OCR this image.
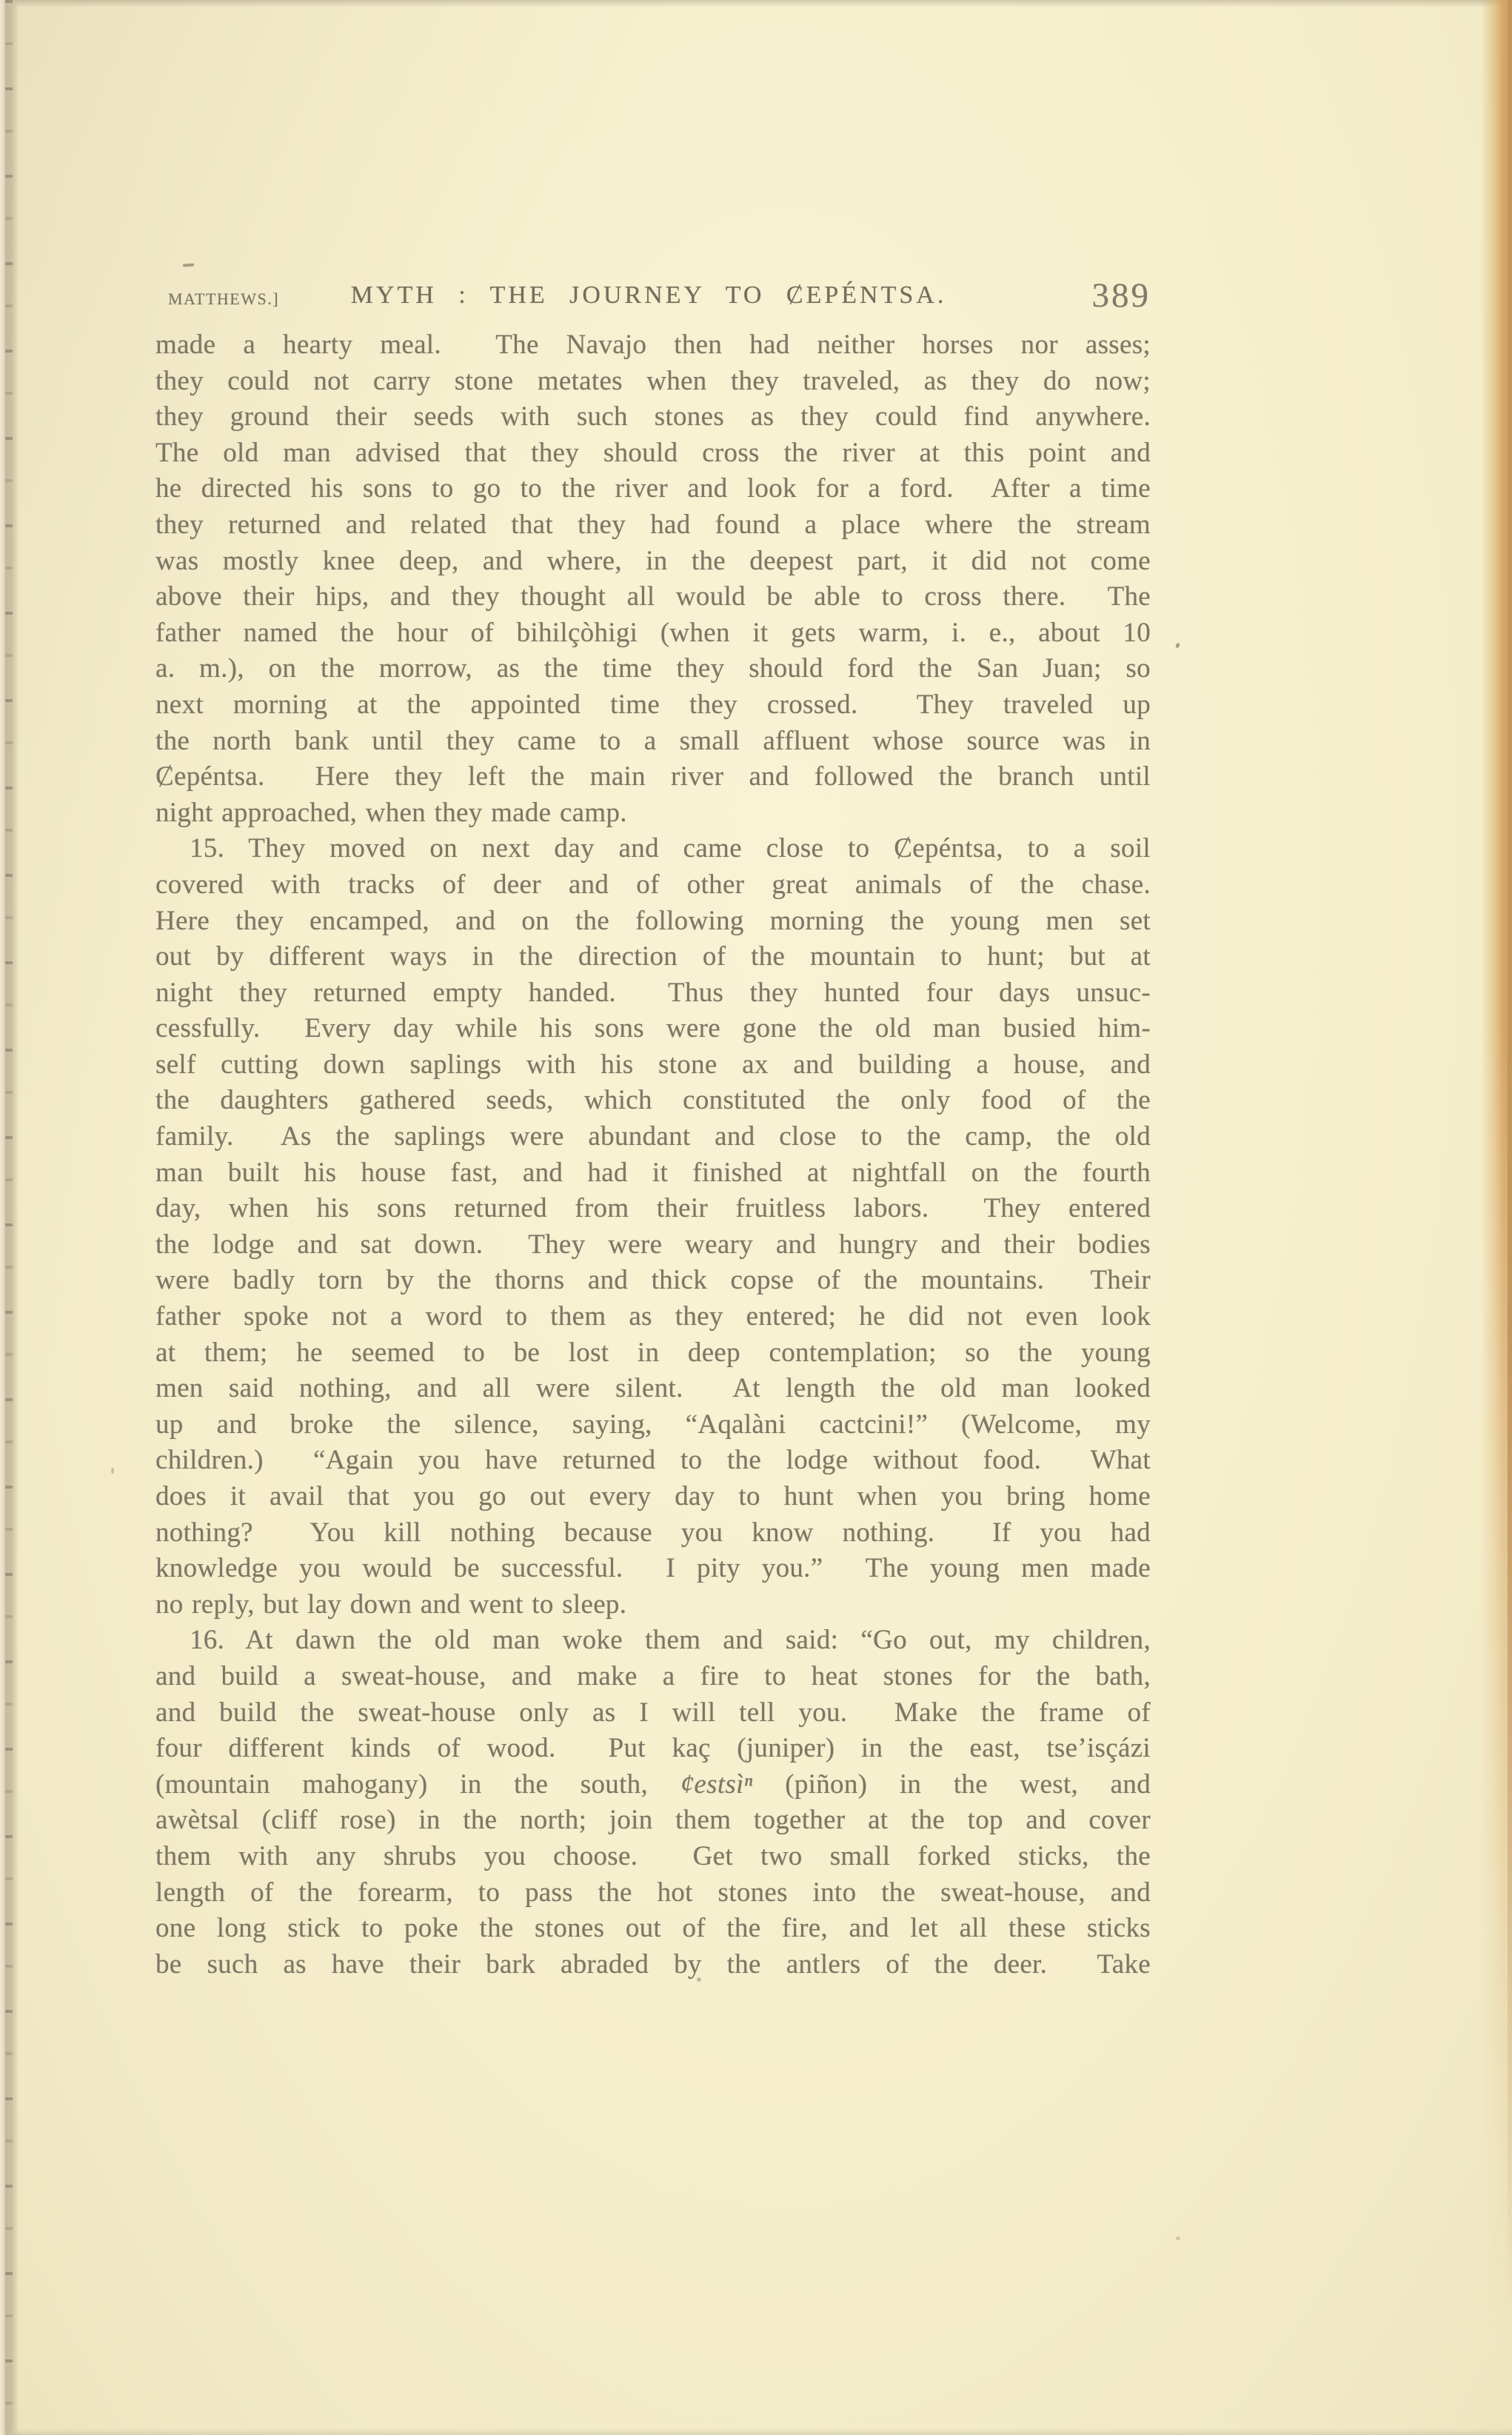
MATTHEWS.]	MYTH : THE JOURNEY TO ȻEPÉNTSA.	389
made a hearty meal.  The Navajo then had neither horses nor asses;
they could not carry stone metates when they traveled, as they do now;
they ground their seeds with such stones as they could find anywhere.
The old man advised that they should cross the river at this point and
he directed his sons to go to the river and look for a ford.  After a time
they returned and related that they had found a place where the stream
was mostly knee deep, and where, in the deepest part, it did not come
above their hips, and they thought all would be able to cross there.  The
father named the hour of bihilçòhigi (when it gets warm, i. e., about 10
a. m.), on the morrow, as the time they should ford the San Juan; so
next morning at the appointed time they crossed.  They traveled up
the north bank until they came to a small affluent whose source was in
Ȼepéntsa.  Here they left the main river and followed the branch until
night approached, when they made camp.
15. They moved on next day and came close to Ȼepéntsa, to a soil
covered with tracks of deer and of other great animals of the chase.
Here they encamped, and on the following morning the young men set
out by different ways in the direction of the mountain to hunt; but at
night they returned empty handed.  Thus they hunted four days unsuc-
cessfully.  Every day while his sons were gone the old man busied him-
self cutting down saplings with his stone ax and building a house, and
the daughters gathered seeds, which constituted the only food of the
family.  As the saplings were abundant and close to the camp, the old
man built his house fast, and had it finished at nightfall on the fourth
day, when his sons returned from their fruitless labors.  They entered
the lodge and sat down.  They were weary and hungry and their bodies
were badly torn by the thorns and thick copse of the mountains.  Their
father spoke not a word to them as they entered; he did not even look
at them; he seemed to be lost in deep contemplation; so the young
men said nothing, and all were silent.  At length the old man looked
up and broke the silence, saying, “Aqalàni cactcini!” (Welcome, my
children.)  “Again you have returned to the lodge without food.  What
does it avail that you go out every day to hunt when you bring home
nothing?  You kill nothing because you know nothing.  If you had
knowledge you would be successful.  I pity you.”  The young men made
no reply, but lay down and went to sleep.
16. At dawn the old man woke them and said: “Go out, my children,
and build a sweat-house, and make a fire to heat stones for the bath,
and build the sweat-house only as I will tell you.  Make the frame of
four different kinds of wood.  Put kaç (juniper) in the east, tse’isçázi
(mountain mahogany) in the south, ȼestsìⁿ (piñon) in the west, and
awètsal (cliff rose) in the north; join them together at the top and cover
them with any shrubs you choose.  Get two small forked sticks, the
length of the forearm, to pass the hot stones into the sweat-house, and
one long stick to poke the stones out of the fire, and let all these sticks
be such as have their bark abraded by the antlers of the deer.  Take
